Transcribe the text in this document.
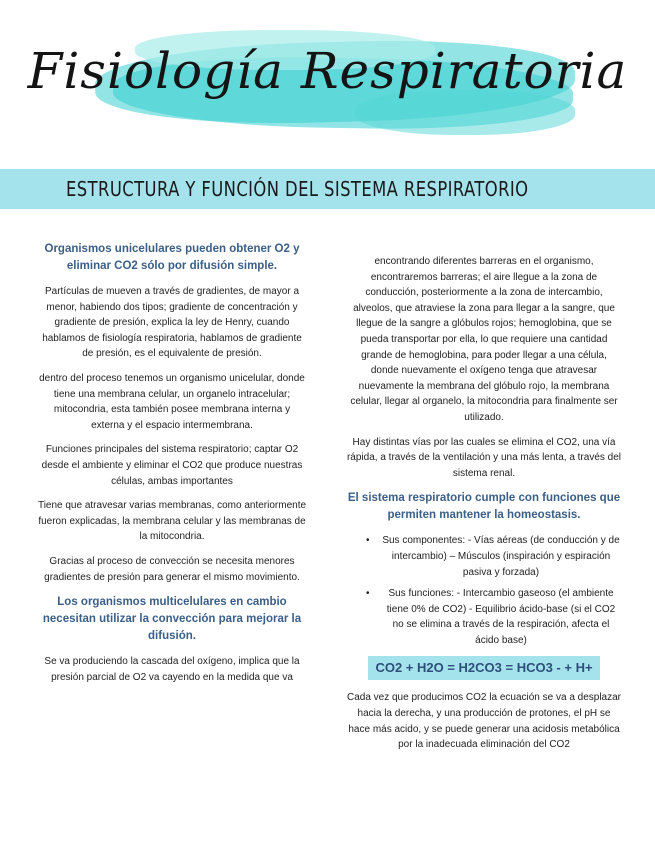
Fisiología Respiratoria
ESTRUCTURA Y FUNCIÓN DEL SISTEMA RESPIRATORIO
Organismos unicelulares pueden obtener O2 y eliminar CO2 sólo por difusión simple.

Partículas de mueven a través de gradientes, de mayor a menor, habiendo dos tipos; gradiente de concentración y gradiente de presión, explica la ley de Henry, cuando hablamos de fisiología respiratoria, hablamos de gradiente de presión, es el equivalente de presión.

dentro del proceso tenemos un organismo unicelular, donde tiene una membrana celular, un organelo intracelular; mitocondria, esta también posee membrana interna y externa y el espacio intermembrana.

Funciones principales del sistema respiratorio; captar O2 desde el ambiente y eliminar el CO2 que produce nuestras células, ambas importantes

Tiene que atravesar varias membranas, como anteriormente fueron explicadas, la membrana celular y las membranas de la mitocondria.

Gracias al proceso de convección se necesita menores gradientes de presión para generar el mismo movimiento.

Los organismos multicelulares en cambio necesitan utilizar la convección para mejorar la difusión.

Se va produciendo la cascada del oxígeno, implica que la presión parcial de O2 va cayendo en la medida que va

encontrando diferentes barreras en el organismo, encontraremos barreras; el aire llegue a la zona de conducción, posteriormente a la zona de intercambio, alveolos, que atraviese la zona para llegar a la sangre, que llegue de la sangre a glóbulos rojos; hemoglobina, que se pueda transportar por ella, lo que requiere una cantidad grande de hemoglobina, para poder llegar a una célula, donde nuevamente el oxígeno tenga que atravesar nuevamente la membrana del glóbulo rojo, la membrana celular, llegar al organelo, la mitocondria para finalmente ser utilizado.

Hay distintas vías por las cuales se elimina el CO2, una vía rápida, a través de la ventilación y una más lenta, a través del sistema renal.

El sistema respiratorio cumple con funciones que permiten mantener la homeostasis.
• Sus componentes: - Vías aéreas (de conducción y de intercambio) – Músculos (inspiración y espiración pasiva y forzada)
• Sus funciones: - Intercambio gaseoso (el ambiente tiene 0% de CO2) - Equilibrio ácido-base (si el CO2 no se elimina a través de la respiración, afecta el ácido base)
CO2 + H2O = H2CO3 = HCO3 - + H+

Cada vez que producimos CO2 la ecuación se va a desplazar hacia la derecha, y una producción de protones, el pH se hace más acido, y se puede generar una acidosis metabólica por la inadecuada eliminación del CO2
